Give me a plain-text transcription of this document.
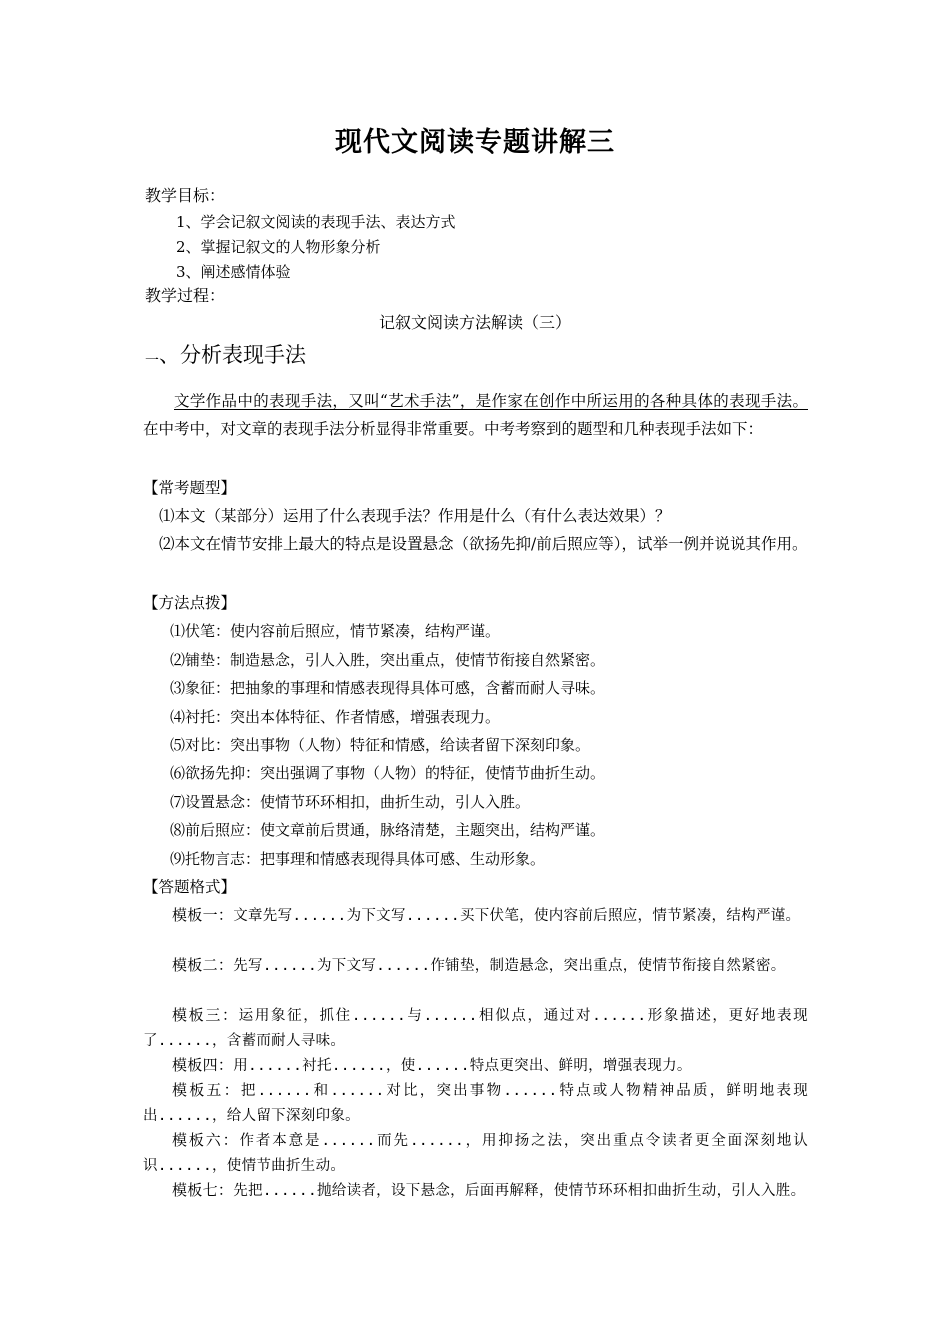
现代文阅读专题讲解三
教学目标：
1、学会记叙文阅读的表现手法、表达方式
2、掌握记叙文的人物形象分析
3、阐述感情体验
教学过程：
记叙文阅读方法解读（三）
一、分析表现手法
文学作品中的表现手法，又叫“艺术手法”，是作家在创作中所运用的各种具体的表现手法。在中考中，对文章的表现手法分析显得非常重要。中考考察到的题型和几种表现手法如下：
【常考题型】
⑴本文（某部分）运用了什么表现手法？作用是什么（有什么表达效果）？
⑵本文在情节安排上最大的特点是设置悬念（欲扬先抑/前后照应等），试举一例并说说其作用。
【方法点拨】
⑴伏笔：使内容前后照应，情节紧凑，结构严谨。
⑵铺垫：制造悬念，引人入胜，突出重点，使情节衔接自然紧密。
⑶象征：把抽象的事理和情感表现得具体可感，含蓄而耐人寻味。
⑷衬托：突出本体特征、作者情感，增强表现力。
⑸对比：突出事物（人物）特征和情感，给读者留下深刻印象。
⑹欲扬先抑：突出强调了事物（人物）的特征，使情节曲折生动。
⑺设置悬念：使情节环环相扣，曲折生动，引人入胜。
⑻前后照应：使文章前后贯通，脉络清楚，主题突出，结构严谨。
⑼托物言志：把事理和情感表现得具体可感、生动形象。
【答题格式】
模板一：文章先写......为下文写......买下伏笔，使内容前后照应，情节紧凑，结构严谨。
模板二：先写......为下文写......作铺垫，制造悬念，突出重点，使情节衔接自然紧密。
模板三：运用象征，抓住......与......相似点，通过对......形象描述，更好地表现了......，含蓄而耐人寻味。
模板四：用......衬托......，使......特点更突出、鲜明，增强表现力。
模板五：把......和......对比，突出事物......特点或人物精神品质，鲜明地表现出......，给人留下深刻印象。
模板六：作者本意是......而先......，用抑扬之法，突出重点令读者更全面深刻地认识......，使情节曲折生动。
模板七：先把......抛给读者，设下悬念，后面再解释，使情节环环相扣曲折生动，引人入胜。
